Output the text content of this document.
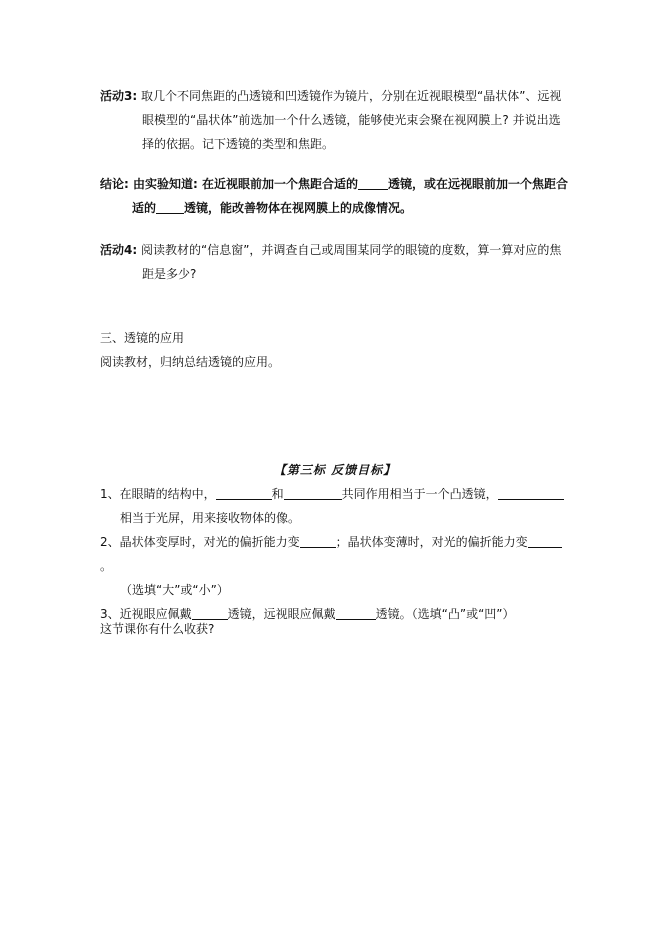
活动3: 取几个不同焦距的凸透镜和凹透镜作为镜片，分别在近视眼模型“晶状体”、远视
眼模型的“晶状体”前选加一个什么透镜，能够使光束会聚在视网膜上? 并说出选
择的依据。记下透镜的类型和焦距。
结论: 由实验知道: 在近视眼前加一个焦距合适的	透镜，或在远视眼前加一个焦距合
适的 透镜，能改善物体在视网膜上的成像情况。
活动4: 阅读教材的“信息窗”，并调查自己或周围某同学的眼镜的度数，算一算对应的焦
距是多少?
三、透镜的应用
阅读教材，归纳总结透镜的应用。
【第三标 反馈目标】
1、在眼睛的结构中，	和	共同作用相当于一个凸透镜，
相当于光屏，用来接收物体的像。
2、晶状体变厚时，对光的偏折能力变	；晶状体变薄时，对光的偏折能力变。
（选填“大”或“小”）
3、近视眼应佩戴	透镜，远视眼应佩戴	透镜。（选填“凸”或“凹”）
这节课你有什么收获?
